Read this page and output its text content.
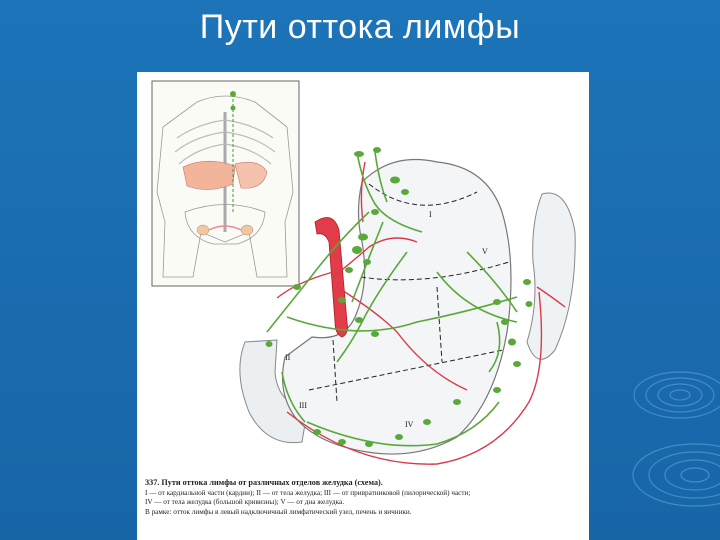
Пути оттока лимфы
I
II
III
IV
V
337. Пути оттока лимфы от различных отделов желудка (схема).
I — от кардиальной части (кардии); II — от тела желудка; III — от привратниковой (пилорической) части;
IV — от тела желудка (большой кривизны); V — от дна желудка.
В рамке: отток лимфы в левый надключичный лимфатический узел, печень и яичники.
